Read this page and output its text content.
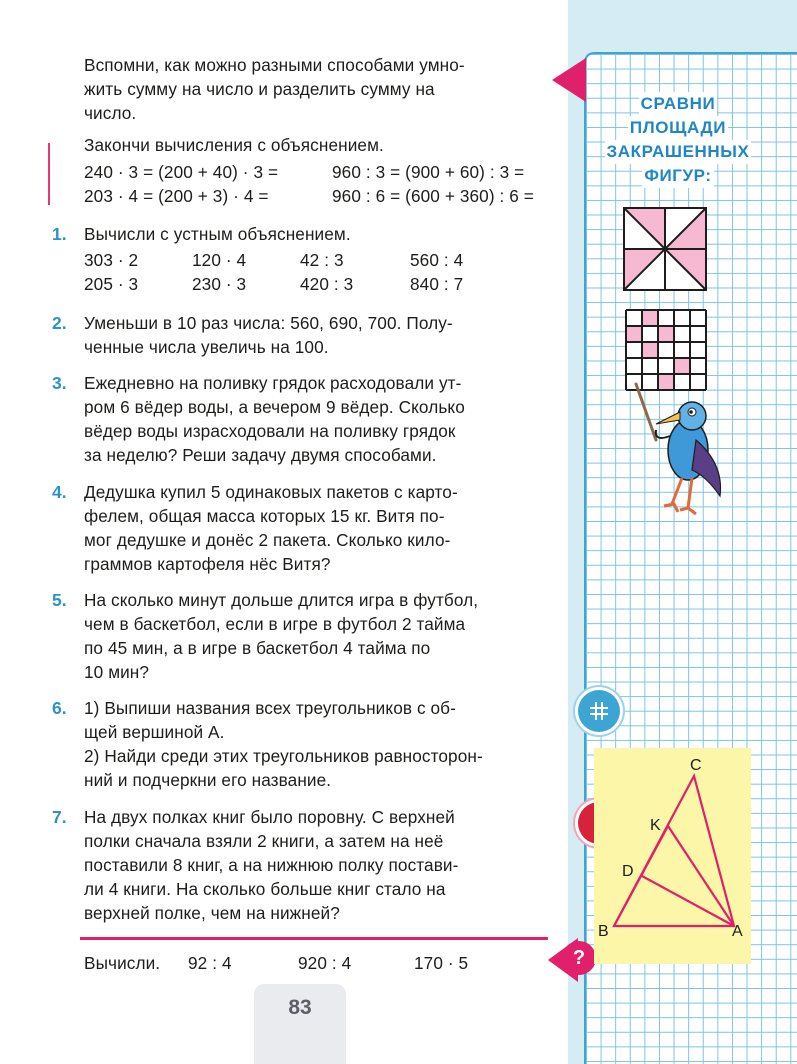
Вспомни, как можно разными способами умно-
жить сумму на число и разделить сумму на
число.
Закончи вычисления с объяснением.
240 · 3 = (200 + 40) · 3 =	960 : 3 = (900 + 60) : 3 =
203 · 4 = (200 + 3) · 4 =	960 : 6 = (600 + 360) : 6 =
1. Вычисли с устным объяснением.
303 · 2	120 · 4	42 : 3	560 : 4
205 · 3	230 · 3	420 : 3	840 : 7
2. Уменьши в 10 раз числа: 560, 690, 700. Полу-
ченные числа увеличь на 100.
3. Ежедневно на поливку грядок расходовали ут-
ром 6 вёдер воды, а вечером 9 вёдер. Сколько
вёдер воды израсходовали на поливку грядок
за неделю? Реши задачу двумя способами.
4. Дедушка купил 5 одинаковых пакетов с карто-
фелем, общая масса которых 15 кг. Витя по-
мог дедушке и донёс 2 пакета. Сколько кило-
граммов картофеля нёс Витя?
5. На сколько минут дольше длится игра в футбол,
чем в баскетбол, если в игре в футбол 2 тайма
по 45 мин, а в игре в баскетбол 4 тайма по
10 мин?
6. 1) Выпиши названия всех треугольников с об-
щей вершиной A.
2) Найди среди этих треугольников равносторон-
ний и подчеркни его название.
7. На двух полках книг было поровну. С верхней
полки сначала взяли 2 книги, а затем на неё
поставили 8 книг, а на нижнюю полку постави-
ли 4 книги. На сколько больше книг стало на
верхней полке, чем на нижней?
Вычисли. 92 : 4	920 : 4	170 · 5	?
83
СРАВНИ
ПЛОЩАДИ
ЗАКРАШЕННЫХ
ФИГУР:
C
K
D
B	A
